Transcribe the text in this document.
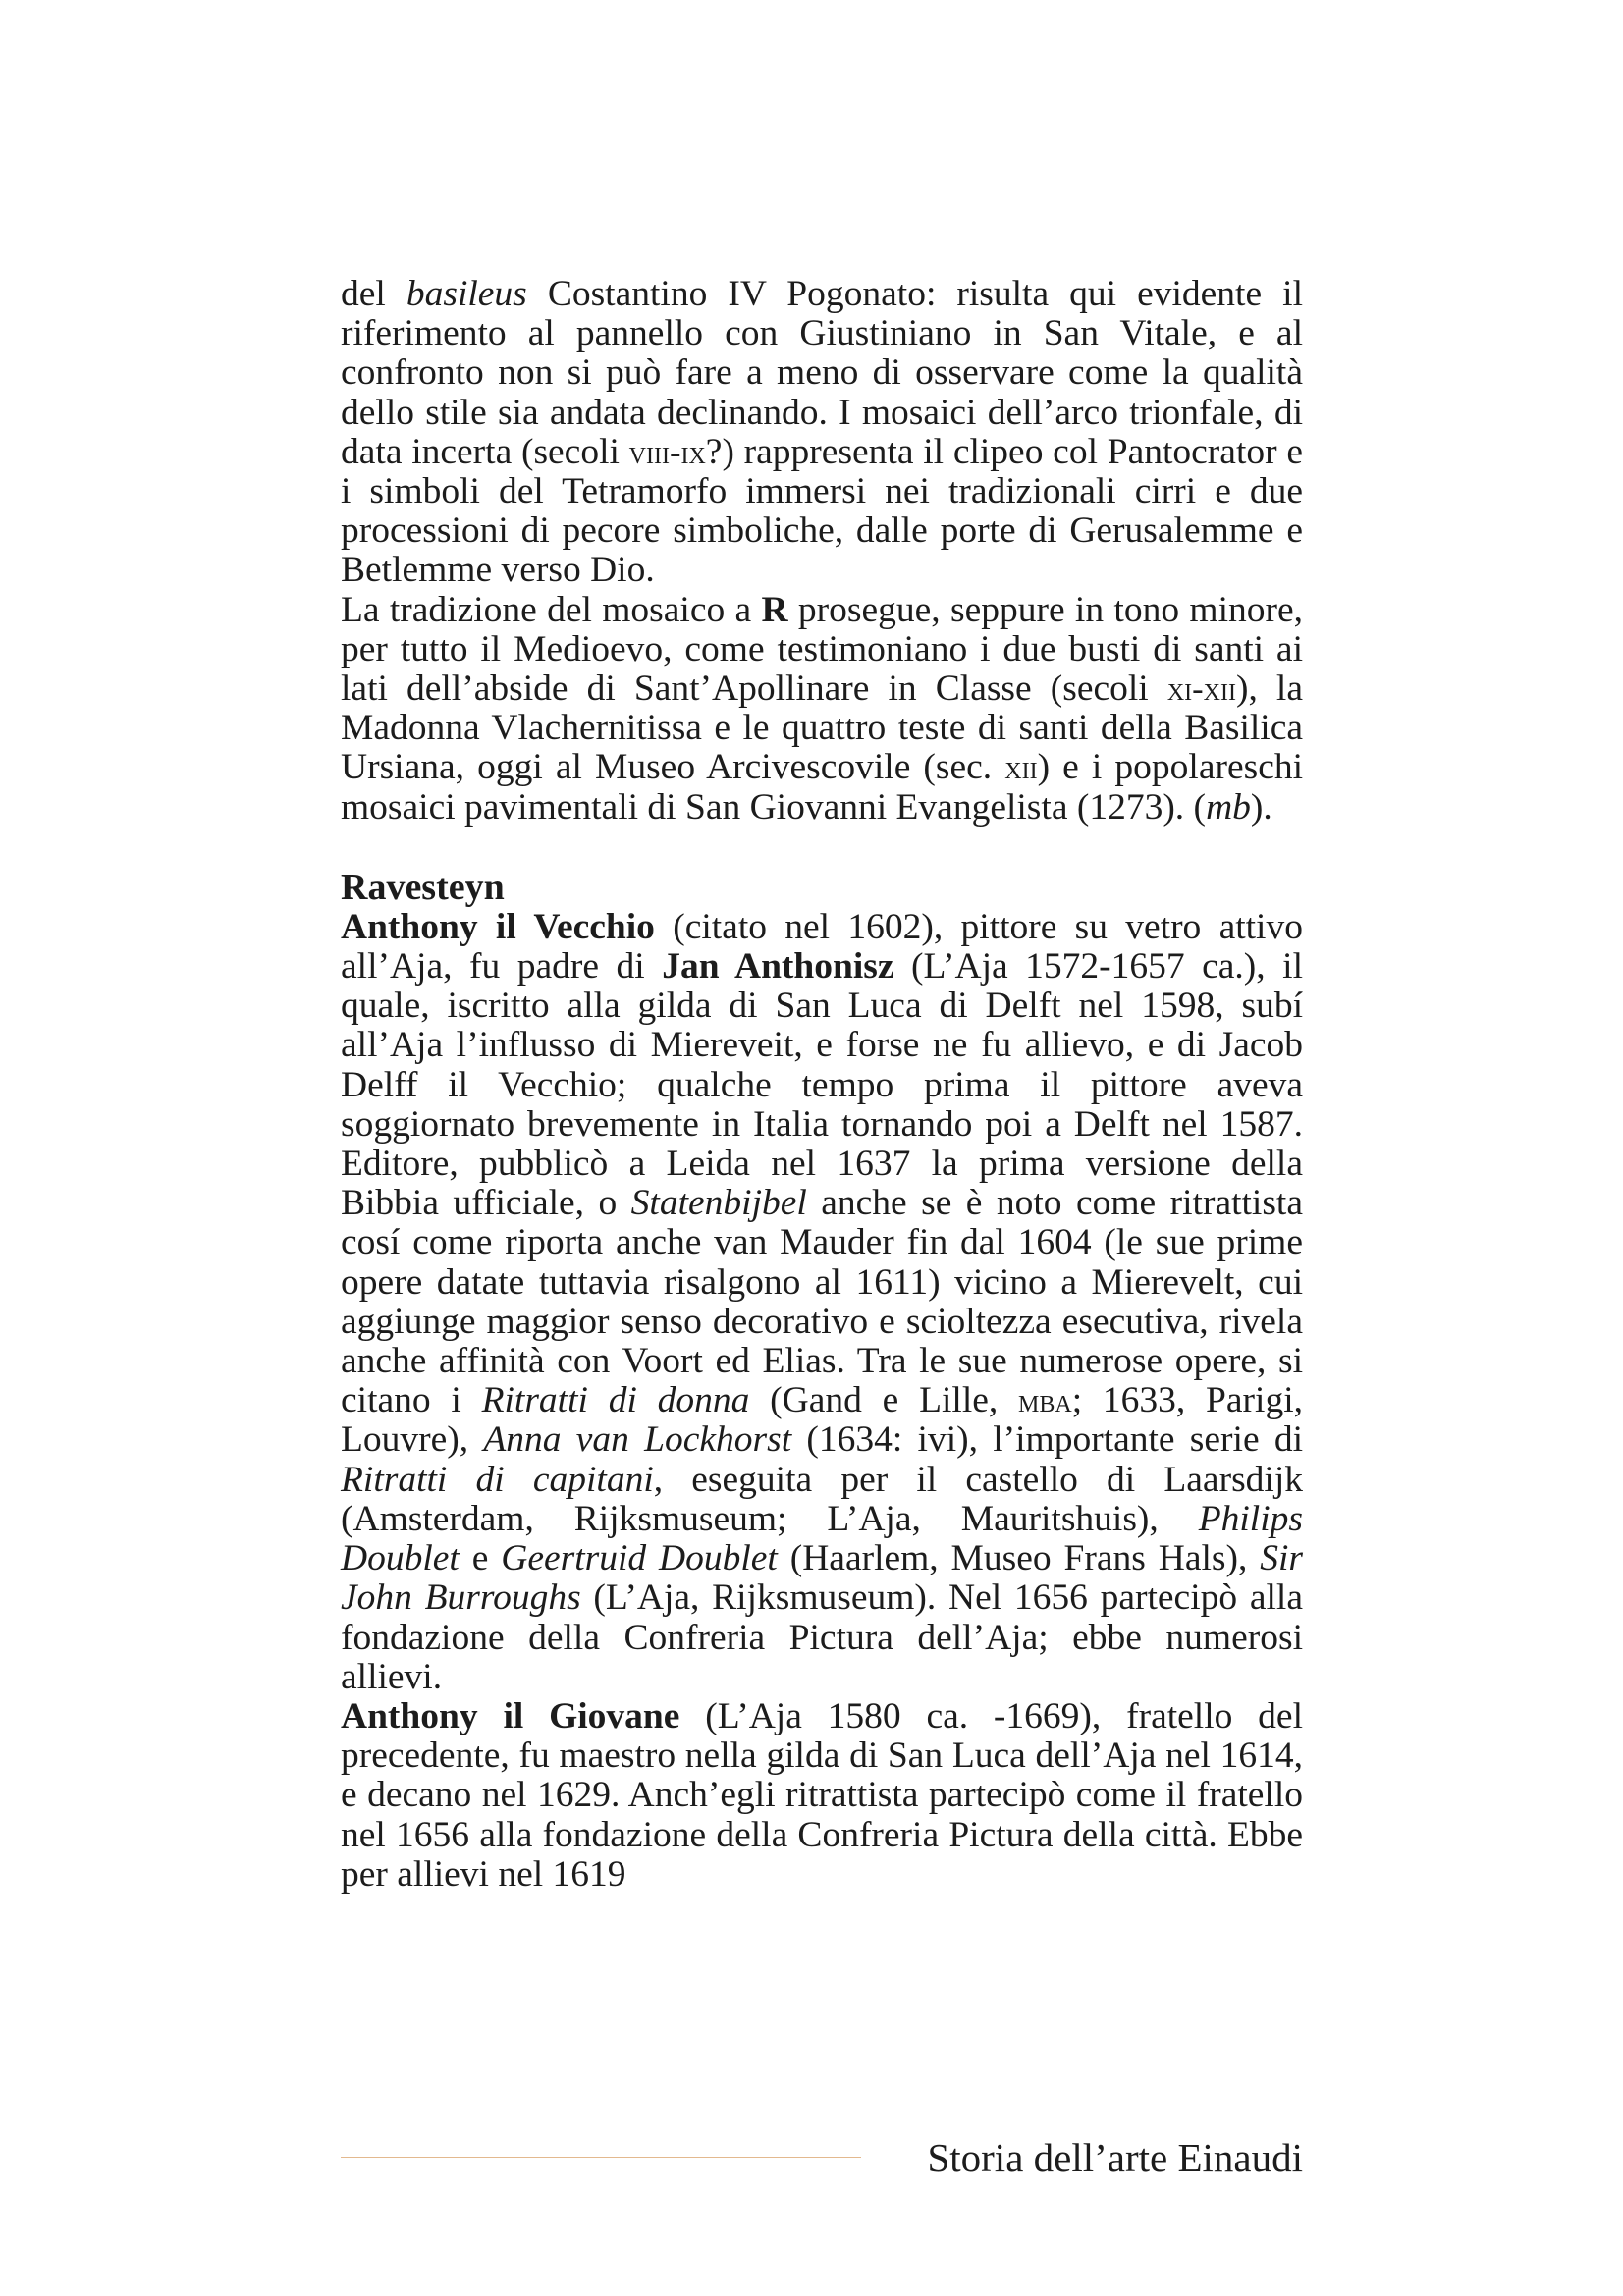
del basileus Costantino IV Pogonato: risulta qui evidente il riferimento al pannello con Giustiniano in San Vitale, e al confronto non si può fare a meno di osservare come la qualità dello stile sia andata declinando. I mosaici dell’arco trionfale, di data incerta (secoli viii-ix?) rappresenta il clipeo col Pantocrator e i simboli del Tetramorfo immersi nei tradizionali cirri e due processioni di pecore simboliche, dalle porte di Gerusalemme e Betlemme verso Dio.

La tradizione del mosaico a R prosegue, seppure in tono minore, per tutto il Medioevo, come testimoniano i due busti di santi ai lati dell’abside di Sant’Apollinare in Classe (secoli xi-xii), la Madonna Vlachernitissa e le quattro teste di santi della Basilica Ursiana, oggi al Museo Arcivescovile (sec. xii) e i popolareschi mosaici pavimentali di San Giovanni Evangelista (1273). (mb).

Ravesteyn

Anthony il Vecchio (citato nel 1602), pittore su vetro attivo all’Aja, fu padre di Jan Anthonisz (L’Aja 1572-1657 ca.), il quale, iscritto alla gilda di San Luca di Delft nel 1598, subí all’Aja l’influsso di Miereveit, e forse ne fu allievo, e di Jacob Delff il Vecchio; qualche tempo prima il pittore aveva soggiornato brevemente in Italia tornando poi a Delft nel 1587. Editore, pubblicò a Leida nel 1637 la prima versione della Bibbia ufficiale, o Statenbijbel anche se è noto come ritrattista cosí come riporta anche van Mauder fin dal 1604 (le sue prime opere datate tuttavia risalgono al 1611) vicino a Mierevelt, cui aggiunge maggior senso decorativo e scioltezza esecutiva, rivela anche affinità con Voort ed Elias. Tra le sue numerose opere, si citano i Ritratti di donna (Gand e Lille, mba; 1633, Parigi, Louvre), Anna van Lockhorst (1634: ivi), l’importante serie di Ritratti di capitani, eseguita per il castello di Laarsdijk (Amsterdam, Rijksmuseum; L’Aja, Mauritshuis), Philips Doublet e Geertruid Doublet (Haarlem, Museo Frans Hals), Sir John Burroughs (L’Aja, Rijksmuseum). Nel 1656 partecipò alla fondazione della Confreria Pictura dell’Aja; ebbe numerosi allievi.

Anthony il Giovane (L’Aja 1580 ca. -1669), fratello del precedente, fu maestro nella gilda di San Luca dell’Aja nel 1614, e decano nel 1629. Anch’egli ritrattista partecipò come il fratello nel 1656 alla fondazione della Confreria Pictura della città. Ebbe per allievi nel 1619

Storia dell’arte Einaudi
